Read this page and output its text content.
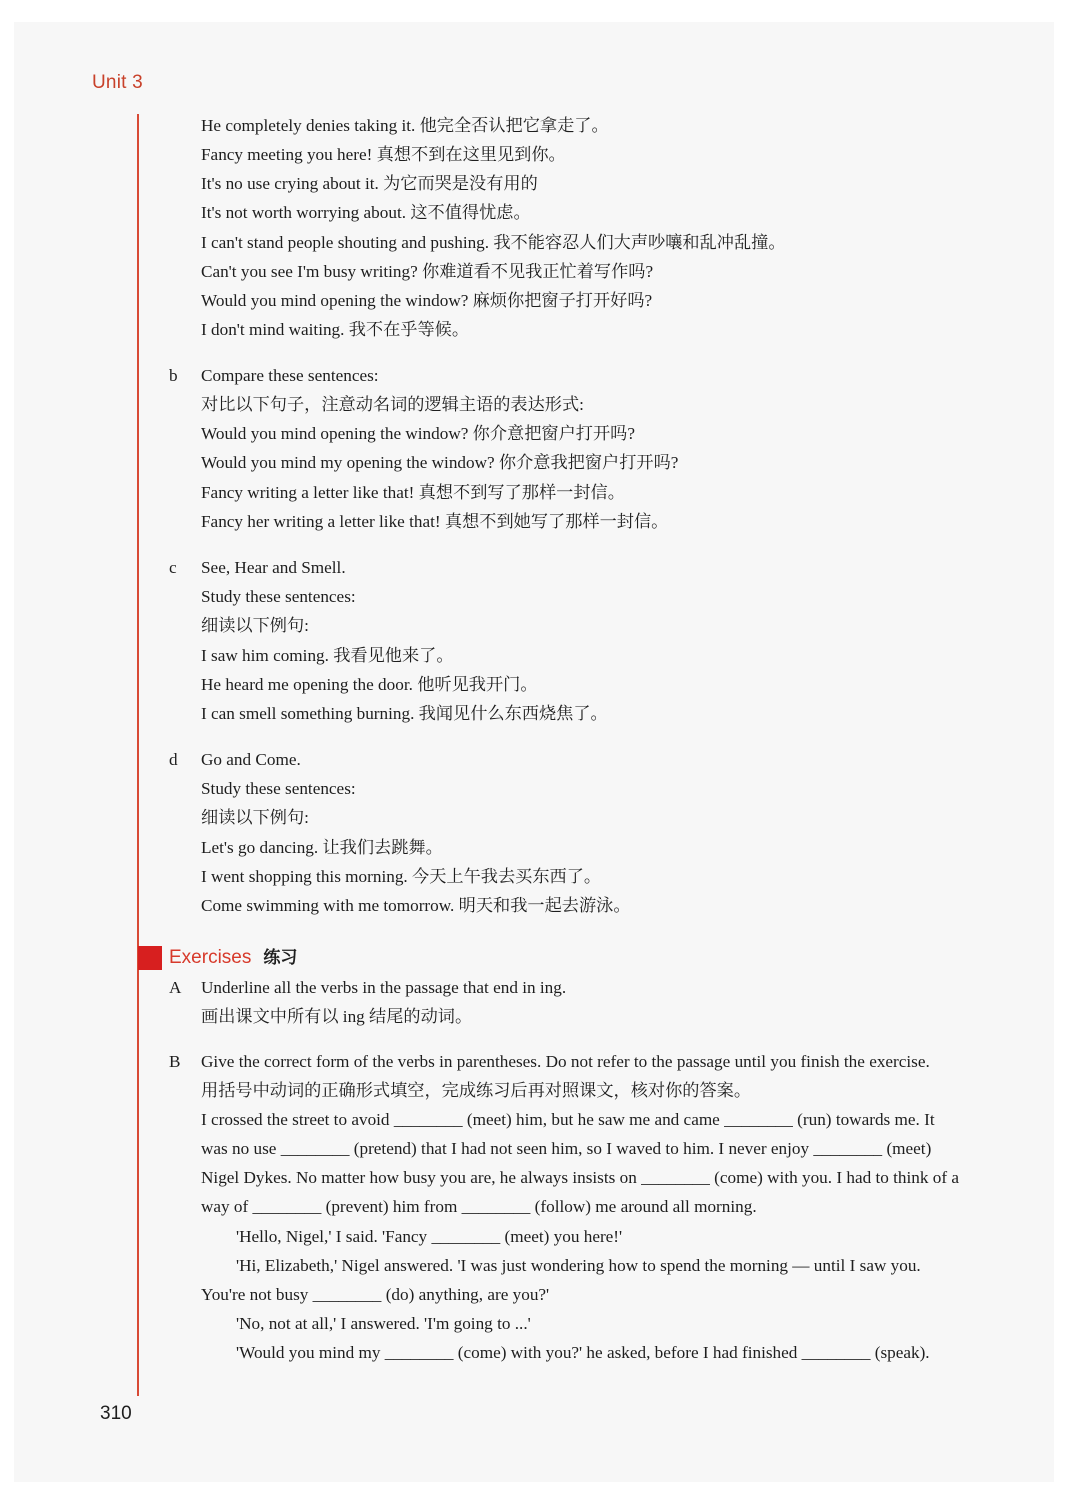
Unit 3
He completely denies taking it. 他完全否认把它拿走了。
Fancy meeting you here! 真想不到在这里见到你。
It's no use crying about it. 为它而哭是没有用的
It's not worth worrying about. 这不值得忧虑。
I can't stand people shouting and pushing. 我不能容忍人们大声吵嚷和乱冲乱撞。
Can't you see I'm busy writing? 你难道看不见我正忙着写作吗?
Would you mind opening the window? 麻烦你把窗子打开好吗?
I don't mind waiting. 我不在乎等候。
b Compare these sentences:
对比以下句子，注意动名词的逻辑主语的表达形式:
Would you mind opening the window? 你介意把窗户打开吗?
Would you mind my opening the window? 你介意我把窗户打开吗?
Fancy writing a letter like that! 真想不到写了那样一封信。
Fancy her writing a letter like that! 真想不到她写了那样一封信。
c See, Hear and Smell.
Study these sentences:
细读以下例句:
I saw him coming. 我看见他来了。
He heard me opening the door. 他听见我开门。
I can smell something burning. 我闻见什么东西烧焦了。
d Go and Come.
Study these sentences:
细读以下例句:
Let's go dancing. 让我们去跳舞。
I went shopping this morning. 今天上午我去买东西了。
Come swimming with me tomorrow. 明天和我一起去游泳。
Exercises 练习
A Underline all the verbs in the passage that end in ing.
画出课文中所有以 ing 结尾的动词。
B Give the correct form of the verbs in parentheses. Do not refer to the passage until you finish the exercise.
用括号中动词的正确形式填空，完成练习后再对照课文，核对你的答案。
I crossed the street to avoid ________ (meet) him, but he saw me and came ________ (run) towards me. It
was no use ________ (pretend) that I had not seen him, so I waved to him. I never enjoy ________ (meet)
Nigel Dykes. No matter how busy you are, he always insists on ________ (come) with you. I had to think of a
way of ________ (prevent) him from ________ (follow) me around all morning.
'Hello, Nigel,' I said. 'Fancy ________ (meet) you here!'
'Hi, Elizabeth,' Nigel answered. 'I was just wondering how to spend the morning — until I saw you.
You're not busy ________ (do) anything, are you?'
'No, not at all,' I answered. 'I'm going to ...'
'Would you mind my ________ (come) with you?' he asked, before I had finished ________ (speak).
310
